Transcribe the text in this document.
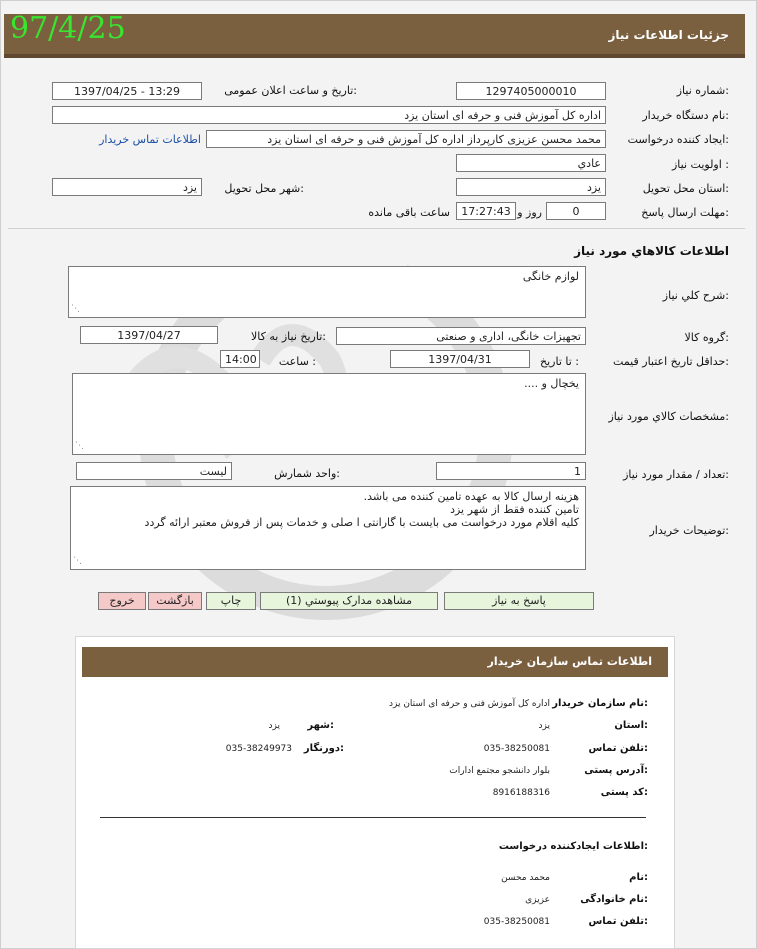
جزئیات اطلاعات نیاز
97/4/25
شماره نیاز:
1297405000010
تاریخ و ساعت اعلان عمومی:
1397/04/25 - 13:29
نام دستگاه خریدار:
اداره کل آموزش فنی و حرفه ای استان یزد
ایجاد کننده درخواست:
محمد محسن عزیزی کارپرداز اداره کل آموزش فنی و حرفه ای استان یزد
اطلاعات تماس خریدار
اولویت نیاز :
عادي
استان محل تحویل:
یزد
شهر محل تحویل:
یزد
مهلت ارسال پاسخ:
0
روز و
17:27:43
ساعت باقی مانده
اطلاعات کالاهاي مورد نياز
شرح کلي نياز:
لوازم خانگی
⋰
گروه کالا:
تجهیزات خانگی، اداری و صنعتی
تاریخ نیاز به کالا:
1397/04/27
حداقل تاریخ اعتبار قیمت:
تا تاریخ :
1397/04/31
ساعت :
14:00
مشخصات کالاي مورد نياز:
یخچال و ....
⋰
تعداد / مقدار مورد نیاز:
1
واحد شمارش:
لیست
توضيحات خريدار:
هزینه ارسال کالا به عهده تامین کننده می باشد.
تامین کننده فقط از شهر یزد
کلیه اقلام مورد درخواست می بایست با گارانتی ا صلی و خدمات پس از فروش معتبر ارائه گردد
⋰
پاسخ به نیاز
مشاهده مدارک پیوستي (1)
چاپ
بازگشت
خروج
اطلاعات تماس سازمان خریدار
نام سازمان خریدار:
اداره کل آموزش فنی و حرفه ای استان یزد
استان:
یزد
شهر:
یزد
تلفن تماس:
035-38250081
دورنگار:
035-38249973
آدرس پستی:
بلوار دانشجو مجتمع ادارات
کد پستی:
8916188316
اطلاعات ایجادکننده درخواست:
نام:
محمد محسن
نام خانوادگی:
عزیزی
تلفن تماس:
035-38250081
